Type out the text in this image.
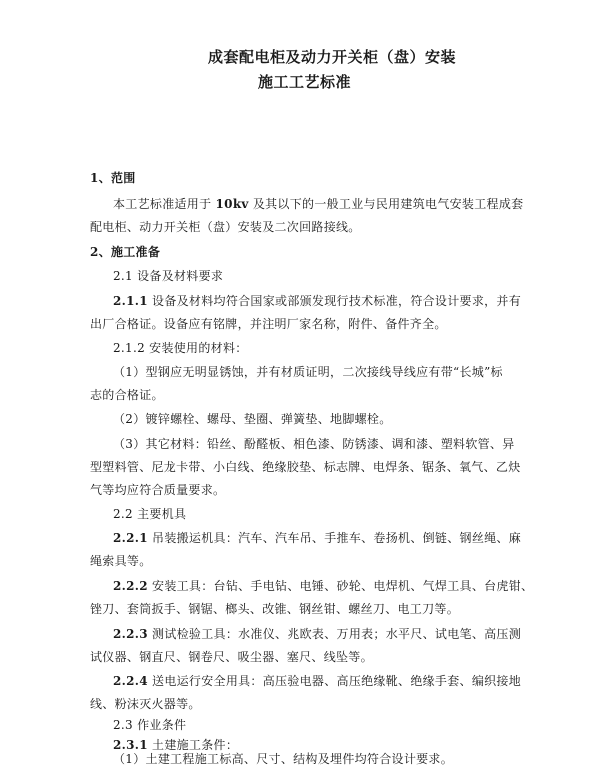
成套配电柜及动力开关柜（盘）安装
施工工艺标准
1、范围
本工艺标准适用于 10kv 及其以下的一般工业与民用建筑电气安装工程成套
配电柜、动力开关柜（盘）安装及二次回路接线。
2、施工准备
2.1 设备及材料要求
2.1.1 设备及材料均符合国家或部颁发现行技术标准，符合设计要求，并有
出厂合格证。设备应有铭牌，并注明厂家名称，附件、备件齐全。
2.1.2 安装使用的材料：
（1）型钢应无明显锈蚀，并有材质证明，二次接线导线应有带“长城”标
志的合格证。
（2）镀锌螺栓、螺母、垫圈、弹簧垫、地脚螺栓。
（3）其它材料：铅丝、酚醛板、相色漆、防锈漆、调和漆、塑料软管、异
型塑料管、尼龙卡带、小白线、绝缘胶垫、标志牌、电焊条、锯条、氧气、乙炔
气等均应符合质量要求。
2.2 主要机具
2.2.1 吊装搬运机具：汽车、汽车吊、手推车、卷扬机、倒链、钢丝绳、麻
绳索具等。
2.2.2 安装工具：台钻、手电钻、电锤、砂轮、电焊机、气焊工具、台虎钳、
锉刀、套筒扳手、钢锯、榔头、改锥、钢丝钳、螺丝刀、电工刀等。
2.2.3 测试检验工具：水准仪、兆欧表、万用表；水平尺、试电笔、高压测
试仪器、钢直尺、钢卷尺、吸尘器、塞尺、线坠等。
2.2.4 送电运行安全用具：高压验电器、高压绝缘靴、绝缘手套、编织接地
线、粉沫灭火器等。
2.3 作业条件
2.3.1 土建施工条件：
（1）土建工程施工标高、尺寸、结构及埋件均符合设计要求。
